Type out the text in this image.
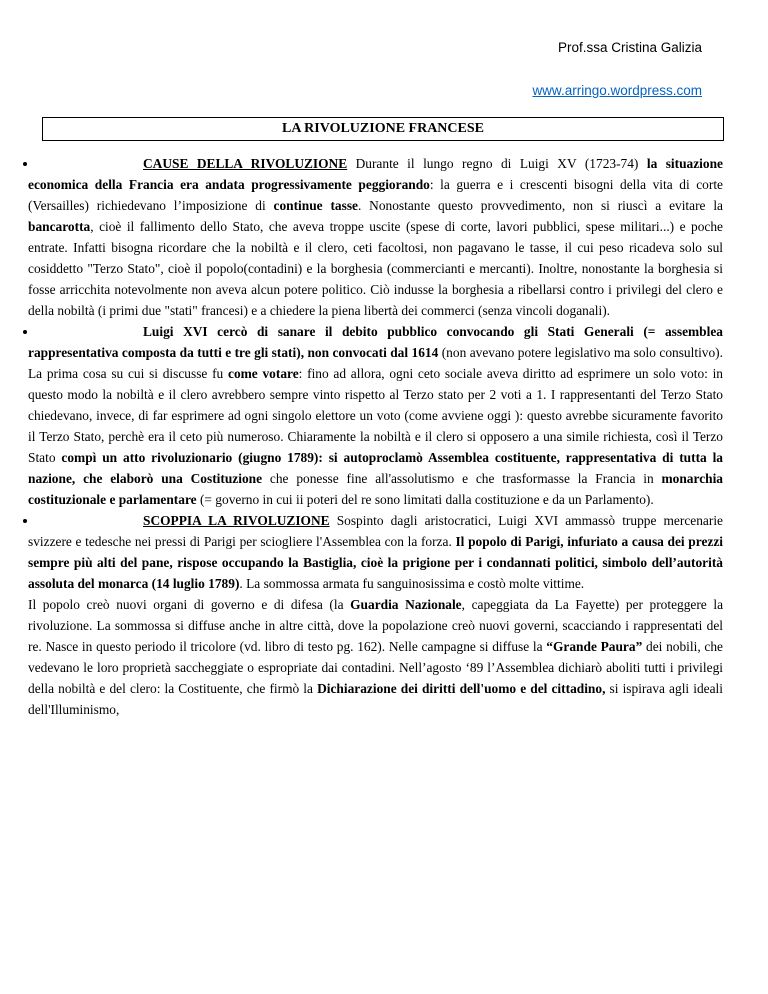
Prof.ssa Cristina Galizia
www.arringo.wordpress.com
LA RIVOLUZIONE FRANCESE
CAUSE DELLA RIVOLUZIONE Durante il lungo regno di Luigi XV (1723-74) la situazione economica della Francia era andata progressivamente peggiorando: la guerra e i crescenti bisogni della vita di corte (Versailles) richiedevano l’imposizione di continue tasse. Nonostante questo provvedimento, non si riuscì a evitare la bancarotta, cioè il fallimento dello Stato, che aveva troppe uscite (spese di corte, lavori pubblici, spese militari...) e poche entrate. Infatti bisogna ricordare che la nobiltà e il clero, ceti facoltosi, non pagavano le tasse, il cui peso ricadeva solo sul cosiddetto "Terzo Stato", cioè il popolo(contadini) e la borghesia (commercianti e mercanti). Inoltre, nonostante la borghesia si fosse arricchita notevolmente non aveva alcun potere politico. Ciò indusse la borghesia a ribellarsi contro i privilegi del clero e della nobiltà (i primi due "stati" francesi) e a chiedere la piena libertà dei commerci (senza vincoli doganali).
Luigi XVI cercò di sanare il debito pubblico convocando gli Stati Generali (= assemblea rappresentativa composta da tutti e tre gli stati), non convocati dal 1614 (non avevano potere legislativo ma solo consultivo). La prima cosa su cui si discusse fu come votare: fino ad allora, ogni ceto sociale aveva diritto ad esprimere un solo voto: in questo modo la nobiltà e il clero avrebbero sempre vinto rispetto al Terzo stato per 2 voti a 1. I rappresentanti del Terzo Stato chiedevano, invece, di far esprimere ad ogni singolo elettore un voto (come avviene oggi ): questo avrebbe sicuramente favorito il Terzo Stato, perchè era il ceto più numeroso. Chiaramente la nobiltà e il clero si opposero a una simile richiesta, così il Terzo Stato compì un atto rivoluzionario (giugno 1789): si autoproclamò Assemblea costituente, rappresentativa di tutta la nazione, che elaborò una Costituzione che ponesse fine all'assolutismo e che trasformasse la Francia in monarchia costituzionale e parlamentare (= governo in cui ii poteri del re sono limitati dalla costituzione e da un Parlamento).
SCOPPIA LA RIVOLUZIONE Sospinto dagli aristocratici, Luigi XVI ammassò truppe mercenarie svizzere e tedesche nei pressi di Parigi per sciogliere l'Assemblea con la forza. Il popolo di Parigi, infuriato a causa dei prezzi sempre più alti del pane, rispose occupando la Bastiglia, cioè la prigione per i condannati politici, simbolo dell’autorità assoluta del monarca (14 luglio 1789). La sommossa armata fu sanguinosissima e costò molte vittime.
Il popolo creò nuovi organi di governo e di difesa (la Guardia Nazionale, capeggiata da La Fayette) per proteggere la rivoluzione. La sommossa si diffuse anche in altre città, dove la popolazione creò nuovi governi, scacciando i rappresentati del re. Nasce in questo periodo il tricolore (vd. libro di testo pg. 162). Nelle campagne si diffuse la “Grande Paura” dei nobili, che vedevano le loro proprietà saccheggiate o espropriate dai contadini. Nell’agosto ‘89 l’Assemblea dichiarò aboliti tutti i privilegi della nobiltà e del clero: la Costituente, che firmò la Dichiarazione dei diritti dell'uomo e del cittadino, si ispirava agli ideali dell'Illuminismo,
